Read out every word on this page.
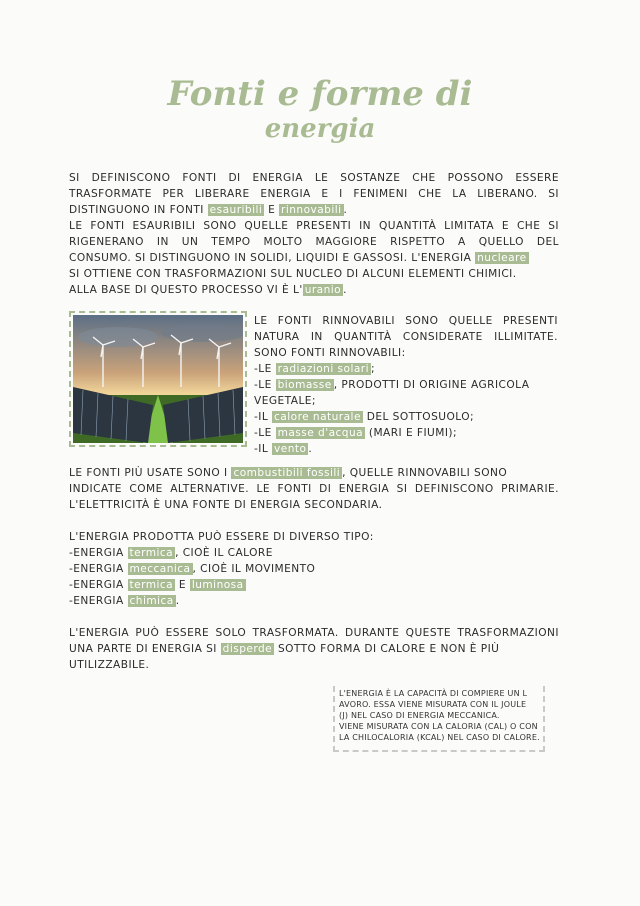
Fonti e forme di
energia

SI DEFINISCONO FONTI DI ENERGIA LE SOSTANZE CHE POSSONO ESSERE
TRASFORMATE PER LIBERARE ENERGIA E I FENIMENI CHE LA LIBERANO. SI
DISTINGUONO IN FONTI esauribili E rinnovabili .

LE FONTI ESAURIBILI SONO QUELLE PRESENTI IN QUANTITÀ LIMITATA E CHE SI
RIGENERANO IN UN TEMPO MOLTO MAGGIORE RISPETTO A QUELLO DEL
CONSUMO. SI DISTINGUONO IN SOLIDI, LIQUIDI E GASSOSI. L'ENERGIA nucleare
SI OTTIENE CON TRASFORMAZIONI SUL NUCLEO DI ALCUNI ELEMENTI CHIMICI.
ALLA BASE DI QUESTO PROCESSO VI È L' uranio .

LE FONTI RINNOVABILI SONO QUELLE PRESENTI
NATURA IN QUANTITÀ CONSIDERATE ILLIMITATE.
SONO FONTI RINNOVABILI:
-LE radiazioni solari ;
-LE biomasse , PRODOTTI DI ORIGINE AGRICOLA
VEGETALE;
-IL calore naturale DEL SOTTOSUOLO;
-LE masse d'acqua (MARI E FIUMI);
-IL vento .

LE FONTI PIÙ USATE SONO I combustibili fossili , QUELLE RINNOVABILI SONO
INDICATE COME ALTERNATIVE. LE FONTI DI ENERGIA SI DEFINISCONO PRIMARIE.
L'ELETTRICITÀ È UNA FONTE DI ENERGIA SECONDARIA.

L'ENERGIA PRODOTTA PUÒ ESSERE DI DIVERSO TIPO:
-ENERGIA termica , CIOÈ IL CALORE
-ENERGIA meccanica , CIOÈ IL MOVIMENTO
-ENERGIA termica E luminosa
-ENERGIA chimica .

L'ENERGIA PUÒ ESSERE SOLO TRASFORMATA. DURANTE QUESTE TRASFORMAZIONI
UNA PARTE DI ENERGIA SI disperde SOTTO FORMA DI CALORE E NON È PIÙ
UTILIZZABILE.

L'ENERGIA È LA CAPACITÀ DI COMPIERE UN L
AVORO. ESSA VIENE MISURATA CON IL JOULE
(J) NEL CASO DI ENERGIA MECCANICA.
VIENE MISURATA CON LA CALORIA (CAL) O CON
LA CHILOCALORIA (KCAL) NEL CASO DI CALORE.
